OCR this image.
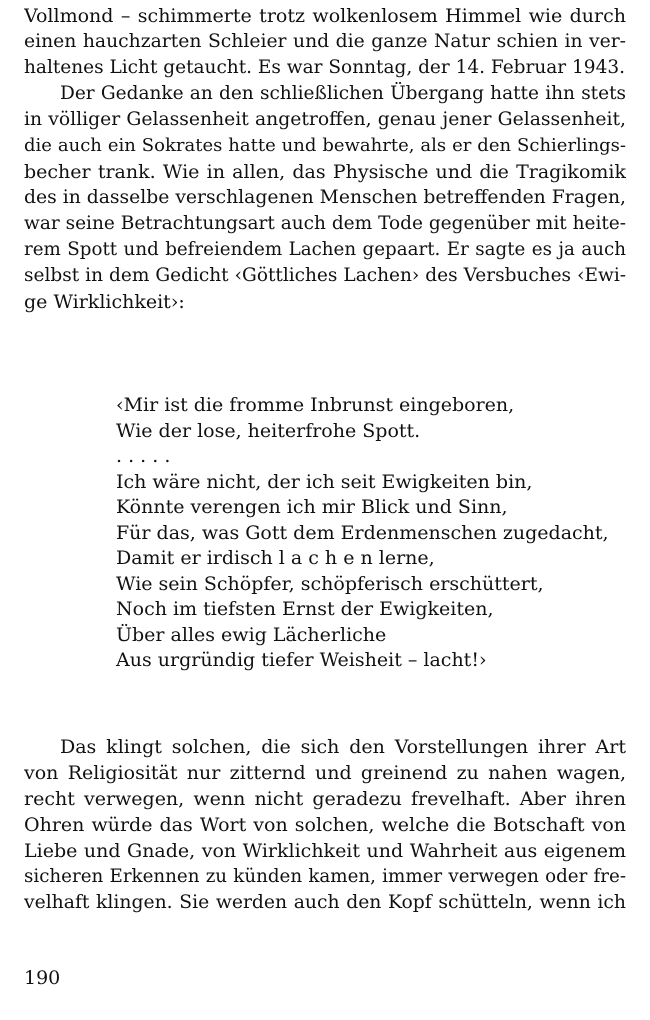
Vollmond – schimmerte trotz wolkenlosem Himmel wie durch
einen hauchzarten Schleier und die ganze Natur schien in ver-
haltenes Licht getaucht. Es war Sonntag, der 14. Februar 1943.
Der Gedanke an den schließlichen Übergang hatte ihn stets
in völliger Gelassenheit angetroffen, genau jener Gelassenheit,
die auch ein Sokrates hatte und bewahrte, als er den Schierlings-
becher trank. Wie in allen, das Physische und die Tragikomik
des in dasselbe verschlagenen Menschen betreffenden Fragen,
war seine Betrachtungsart auch dem Tode gegenüber mit heite-
rem Spott und befreiendem Lachen gepaart. Er sagte es ja auch
selbst in dem Gedicht ‹Göttliches Lachen› des Versbuches ‹Ewi-
ge Wirklichkeit›:
‹Mir ist die fromme Inbrunst eingeboren,
Wie der lose, heiterfrohe Spott.
. . . . .
Ich wäre nicht, der ich seit Ewigkeiten bin,
Könnte verengen ich mir Blick und Sinn,
Für das, was Gott dem Erdenmenschen zugedacht,
Damit er irdisch l a c h e n lerne,
Wie sein Schöpfer, schöpferisch erschüttert,
Noch im tiefsten Ernst der Ewigkeiten,
Über alles ewig Lächerliche
Aus urgründig tiefer Weisheit – lacht!›
Das klingt solchen, die sich den Vorstellungen ihrer Art
von Religiosität nur zitternd und greinend zu nahen wagen,
recht verwegen, wenn nicht geradezu frevelhaft. Aber ihren
Ohren würde das Wort von solchen, welche die Botschaft von
Liebe und Gnade, von Wirklichkeit und Wahrheit aus eigenem
sicheren Erkennen zu künden kamen, immer verwegen oder fre-
velhaft klingen. Sie werden auch den Kopf schütteln, wenn ich
190
